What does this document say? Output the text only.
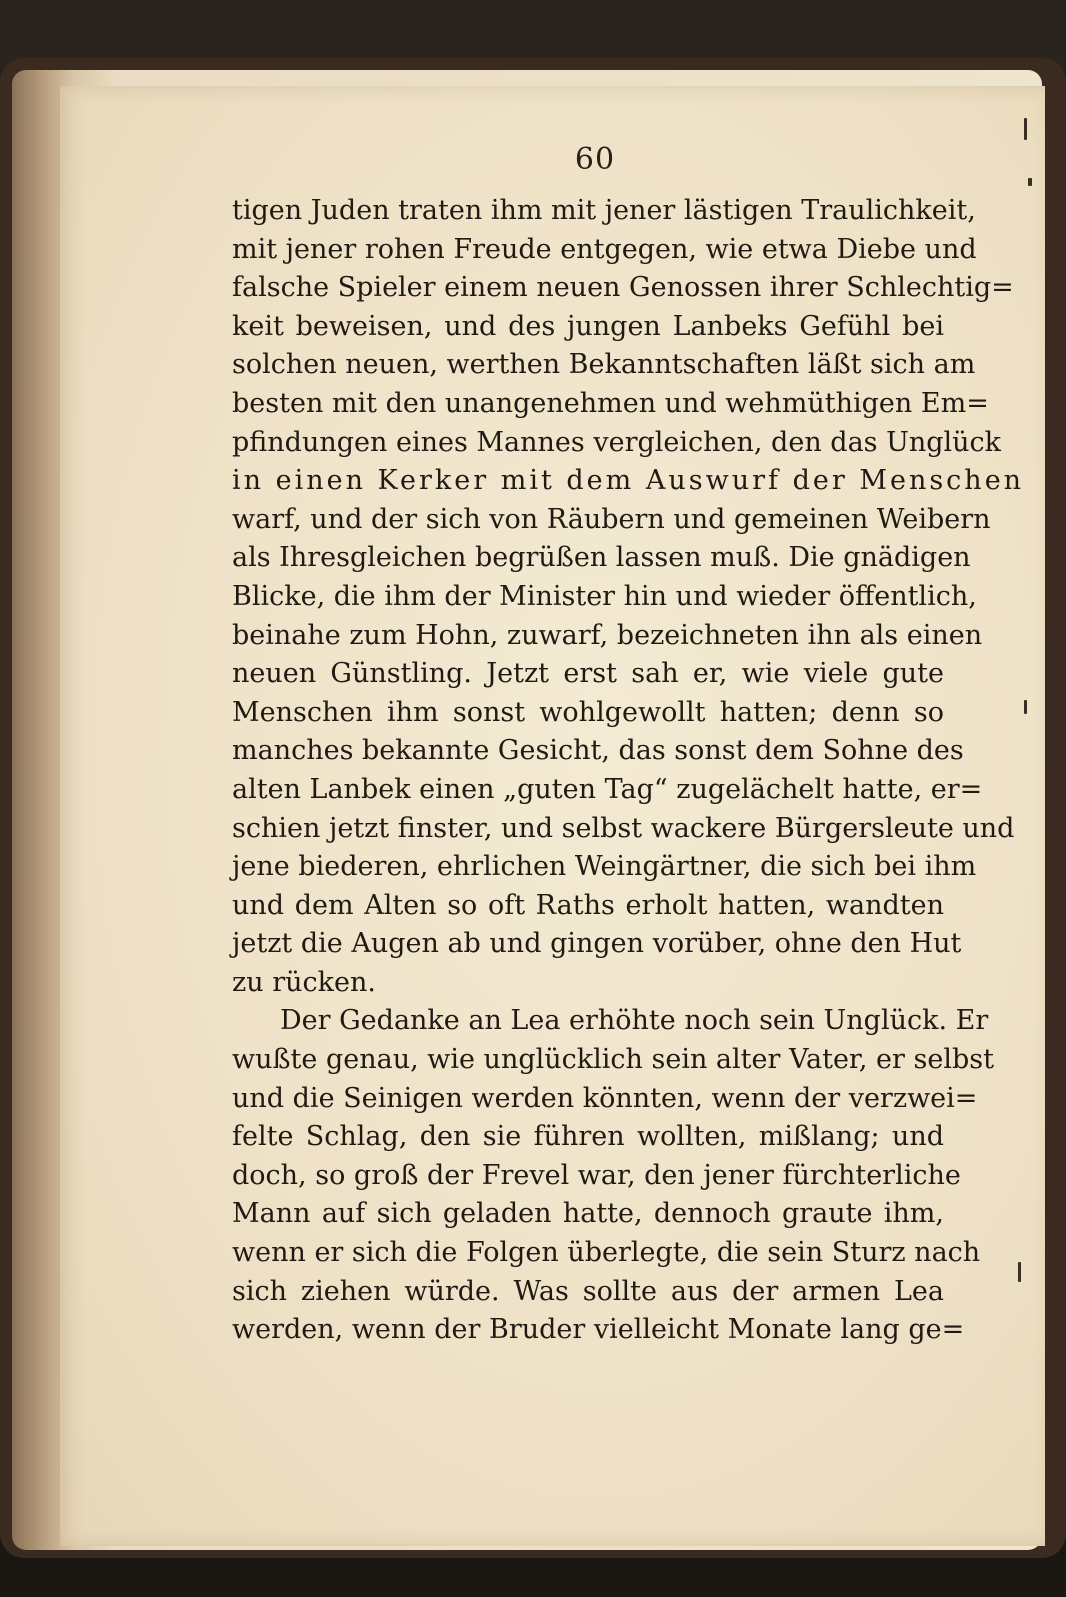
60
tigen Juden traten ihm mit jener lästigen Traulichkeit,
mit jener rohen Freude entgegen, wie etwa Diebe und
falsche Spieler einem neuen Genossen ihrer Schlechtig=
keit beweisen, und des jungen Lanbeks Gefühl bei
solchen neuen, werthen Bekanntschaften läßt sich am
besten mit den unangenehmen und wehmüthigen Em=
pfindungen eines Mannes vergleichen, den das Unglück
in einen Kerker mit dem Auswurf der Menschen
warf, und der sich von Räubern und gemeinen Weibern
als Ihresgleichen begrüßen lassen muß. Die gnädigen
Blicke, die ihm der Minister hin und wieder öffentlich,
beinahe zum Hohn, zuwarf, bezeichneten ihn als einen
neuen Günstling. Jetzt erst sah er, wie viele gute
Menschen ihm sonst wohlgewollt hatten; denn so
manches bekannte Gesicht, das sonst dem Sohne des
alten Lanbek einen „guten Tag“ zugelächelt hatte, er=
schien jetzt finster, und selbst wackere Bürgersleute und
jene biederen, ehrlichen Weingärtner, die sich bei ihm
und dem Alten so oft Raths erholt hatten, wandten
jetzt die Augen ab und gingen vorüber, ohne den Hut
zu rücken.
Der Gedanke an Lea erhöhte noch sein Unglück. Er
wußte genau, wie unglücklich sein alter Vater, er selbst
und die Seinigen werden könnten, wenn der verzwei=
felte Schlag, den sie führen wollten, mißlang; und
doch, so groß der Frevel war, den jener fürchterliche
Mann auf sich geladen hatte, dennoch graute ihm,
wenn er sich die Folgen überlegte, die sein Sturz nach
sich ziehen würde. Was sollte aus der armen Lea
werden, wenn der Bruder vielleicht Monate lang ge=
